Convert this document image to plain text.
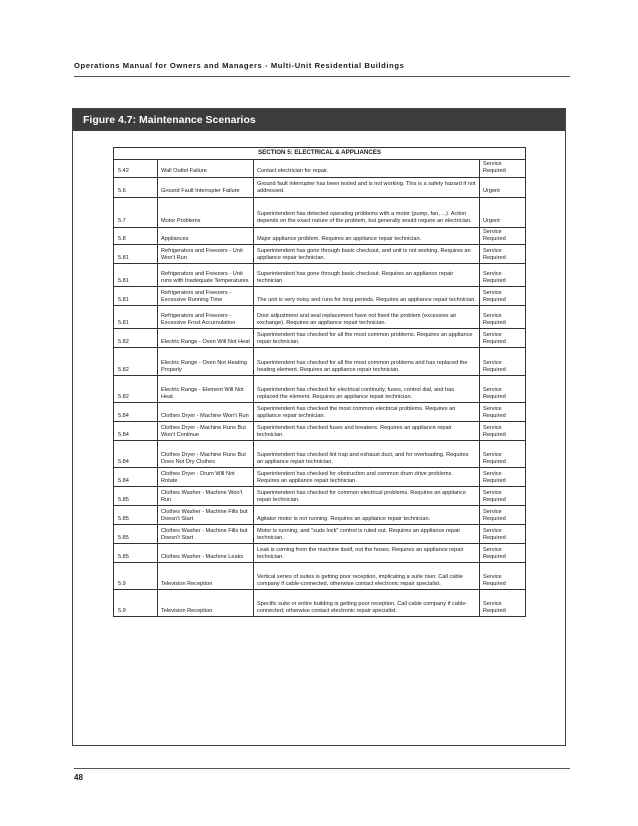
Operations Manual for Owners and Managers - Multi-Unit Residential Buildings
Figure 4.7: Maintenance Scenarios
SECTION 5: ELECTRICAL & APPLIANCES			
5.42	Wall Outlet Failure	Contact electrician for repair.	Service Required
5.6	Ground Fault Interrupter Failure	Ground fault interrupter has been tested and is not working. This is a safety hazard if not addressed.	Urgent
5.7	Motor Problems	Superintendent has detected operating problems with a motor (pump, fan, ...). Action depends on the exact nature of the problem, but generally would require an electrician.	Urgent
5.8	Appliances	Major appliance problem. Requires an appliance repair technician.	Service Required
5.81	Refrigerators and Freezers - Unit Won't Run	Superintendent has gone through basic checkout, and unit is not working. Requires an appliance repair technician.	Service Required
5.81	Refrigerators and Freezers - Unit runs with Inadequate Temperatures	Superintendent has gone through basic checkout. Requires an appliance repair technician.	Service Required
5.81	Refrigerators and Freezers - Excessive Running Time	The unit is very noisy and runs for long periods. Requires an appliance repair technician.	Service Required
5.81	Refrigerators and Freezers - Excessive Frost Accumulation	Door adjustment and seal replacement have not fixed the problem (excessive air exchange). Requires an appliance repair technician.	Service Required
5.82	Electric Range - Oven Will Not Heat	Superintendent has checked for all the most common problems. Requires an appliance repair technician.	Service Required
5.82	Electric Range - Oven Not Heating Properly	Superintendent has checked for all the most common problems and has replaced the heating element. Requires an appliance repair technician.	Service Required
5.82	Electric Range - Element Will Not Heat	Superintendent has checked for electrical continuity, fuses, control dial, and has replaced the element. Requires an appliance repair technician.	Service Required
5.84	Clothes Dryer - Machine Won't Run	Superintendent has checked the most common electrical problems. Requires an appliance repair technician.	Service Required
5.84	Clothes Dryer - Machine Runs But Won't Continue	Superintendent has checked fuses and breakers. Requires an appliance repair technician.	Service Required
5.84	Clothes Dryer - Machine Runs But Does Not Dry Clothes	Superintendent has checked lint trap and exhaust duct, and for overloading. Requires an appliance repair technician.	Service Required
5.84	Clothes Dryer - Drum Will Not Rotate	Superintendent has checked for obstruction and common drum drive problems. Requires an appliance repair technician.	Service Required
5.85	Clothes Washer - Machine Won't Run	Superintendent has checked for common electrical problems. Requires an appliance repair technician.	Service Required
5.85	Clothes Washer - Machine Fills but Doesn't Start	Agitator motor is not running. Requires an appliance repair technician.	Service Required
5.85	Clothes Washer - Machine Fills but Doesn't Start	Motor is running, and "suds lock" control is ruled out. Requires an appliance repair technician.	Service Required
5.85	Clothes Washer - Machine Leaks	Leak is coming from the machine itself, not the hoses. Requires an appliance repair technician.	Service Required
5.9	Television Reception	Vertical series of suites is getting poor reception, implicating a suite riser. Call cable company if cable-connected, otherwise contact electronic repair specialist.	Service Required
5.9	Television Reception	Specific suite or entire building is getting poor reception. Call cable company if cable-connected; otherwise contact electronic repair specialist.	Service Required
48
